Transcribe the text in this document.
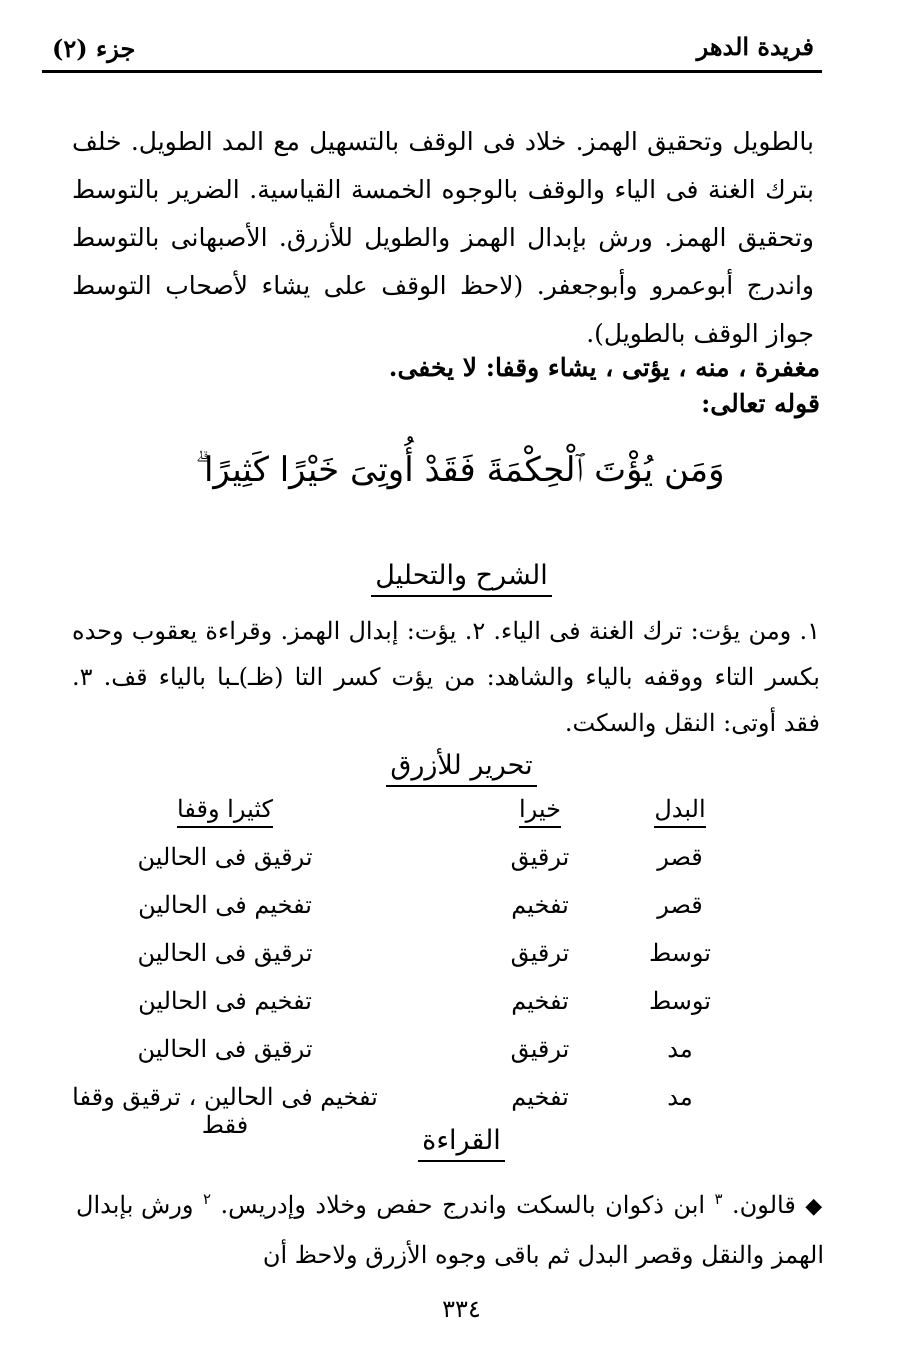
فريدة الدهر
جزء (٢)
بالطويل وتحقيق الهمز. خلاد فى الوقف بالتسهيل مع المد الطويل. خلف بترك الغنة فى الياء والوقف بالوجوه الخمسة القياسية. الضرير بالتوسط وتحقيق الهمز. ورش بإبدال الهمز والطويل للأزرق. الأصبهانى بالتوسط واندرج أبوعمرو وأبوجعفر. (لاحظ الوقف على يشاء لأصحاب التوسط جواز الوقف بالطويل).
مغفرة ، منه ، يؤتى ، يشاء وقفا: لا يخفى.
قوله تعالى:
وَمَن يُؤْتَ ٱلْحِكْمَةَ فَقَدْ أُوتِىَ خَيْرًا كَثِيرًا ۗ
الشرح والتحليل
١. ومن يؤت: ترك الغنة فى الياء. ٢. يؤت: إبدال الهمز. وقراءة يعقوب وحده بكسر التاء ووقفه بالياء والشاهد: من يؤت كسر التا (ظـ)ـبا بالياء قف. ٣. فقد أوتى: النقل والسكت.
تحرير للأزرق
البدل
خيرا
كثيرا وقفا
قصر
ترقيق
ترقيق فى الحالين
قصر
تفخيم
تفخيم فى الحالين
توسط
ترقيق
ترقيق فى الحالين
توسط
تفخيم
تفخيم فى الحالين
مد
ترقيق
ترقيق فى الحالين
مد
تفخيم
تفخيم فى الحالين ، ترقيق وقفا فقط	القراءة
◆ قالون. $^٣$ ابن ذكوان بالسكت واندرج حفص وخلاد وإدريس. $^٢$ ورش بإبدال الهمز والنقل وقصر البدل ثم باقى وجوه الأزرق ولاحظ أن
٣٣٤
